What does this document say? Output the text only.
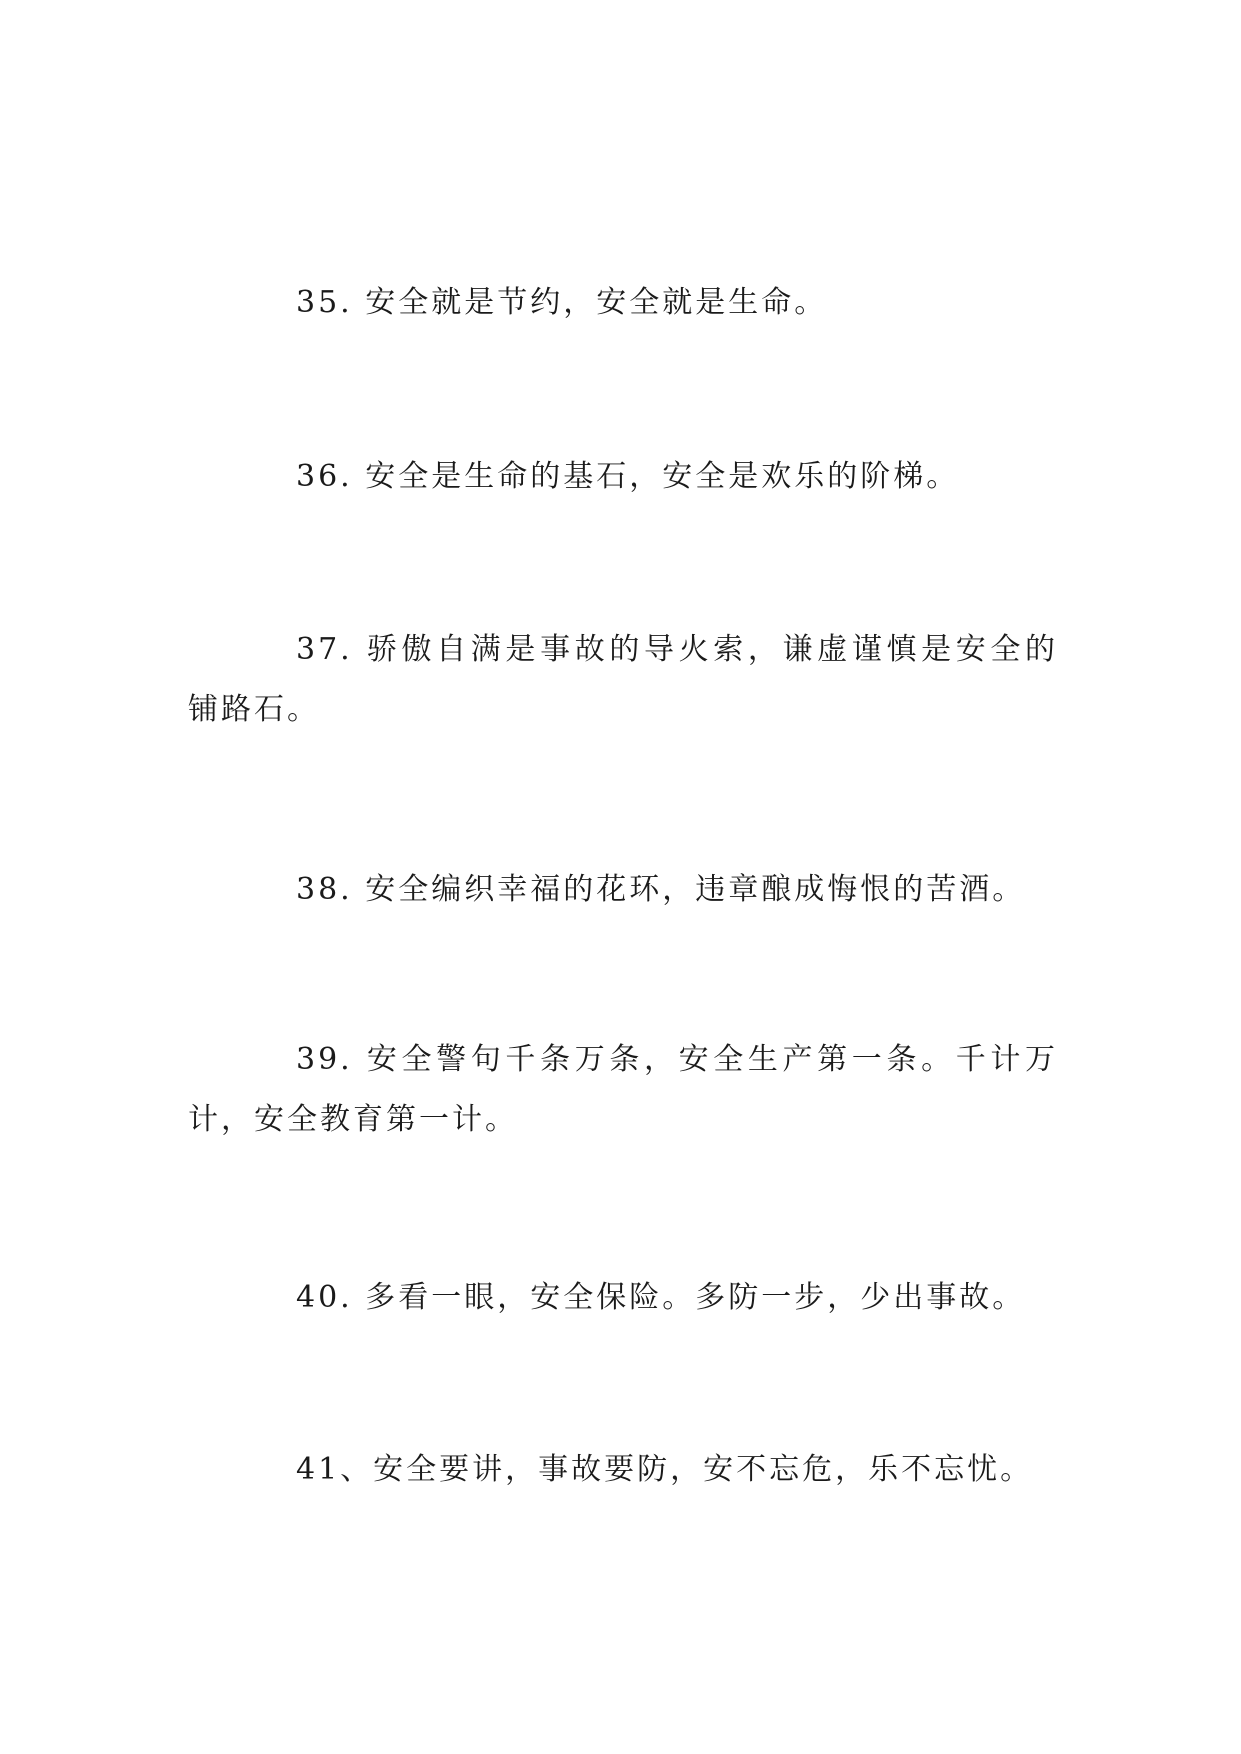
35. 安全就是节约，安全就是生命。

36. 安全是生命的基石，安全是欢乐的阶梯。

37. 骄傲自满是事故的导火索，谦虚谨慎是安全的铺路石。

38. 安全编织幸福的花环，违章酿成悔恨的苦酒。

39. 安全警句千条万条，安全生产第一条。千计万计，安全教育第一计。

40. 多看一眼，安全保险。多防一步，少出事故。

41、安全要讲，事故要防，安不忘危，乐不忘忧。
